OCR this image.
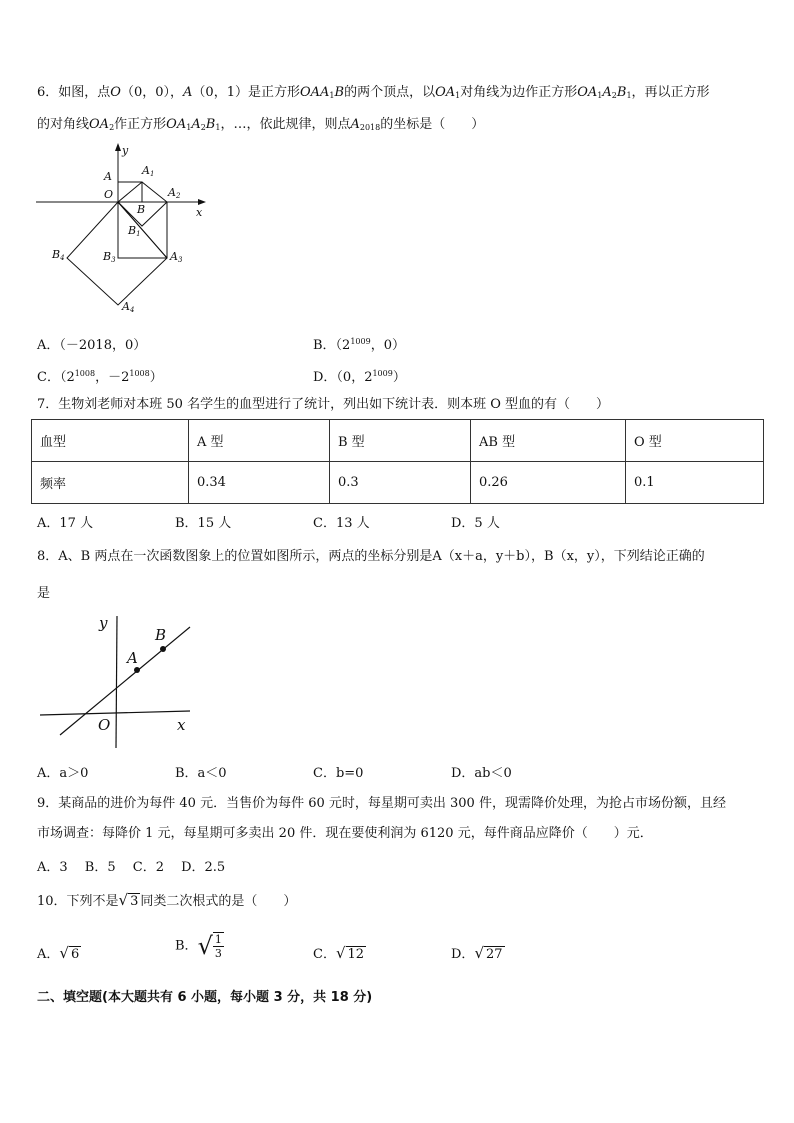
6．如图，点O（0，0），A（0，1）是正方形$OAA_1B$的两个顶点，以$OA_1$对角线为边作正方形$OA_1A_2B_1$，再以正方形
的对角线$OA_2$作正方形$OA_1A_2B_1$，…，依此规律，则点$A_{2018}$的坐标是（　　）
y
x
O
A	A1
A2
B
B1
B3	A3
B4
A4
A．（－2018，0）	B．（$2^{1009}$，0）
C．（$2^{1008}$，$-2^{1008}$）	D．（0，$2^{1009}$）
7．生物刘老师对本班 50 名学生的血型进行了统计，列出如下统计表．则本班 O 型血的有（　　）
血型	A 型	B 型	AB 型	O 型
频率	0.34	0.3	0.26	0.1
A．17 人	B．15 人	C．13 人	D．5 人
8．A、B 两点在一次函数图象上的位置如图所示，两点的坐标分别是A（x＋a，y＋b），B（x，y），下列结论正确的
是
y
x
O
A
B
A．a＞0	B．a＜0	C．b=0	D．ab＜0
9．某商品的进价为每件 40 元．当售价为每件 60 元时，每星期可卖出 300 件，现需降价处理，为抢占市场份额，且经
市场调查：每降价 1 元，每星期可多卖出 20 件．现在要使利润为 6120 元，每件商品应降价（　　）元．
A．3　 B．5　 C．2　 D．2.5
10．下列不是√ 3 同类二次根式的是（　　）
A．√ 6
B．√ $\frac{1}{3}$	C．√ 12	D．√ 27
二、填空题(本大题共有 6 小题，每小题 3 分，共 18 分)
